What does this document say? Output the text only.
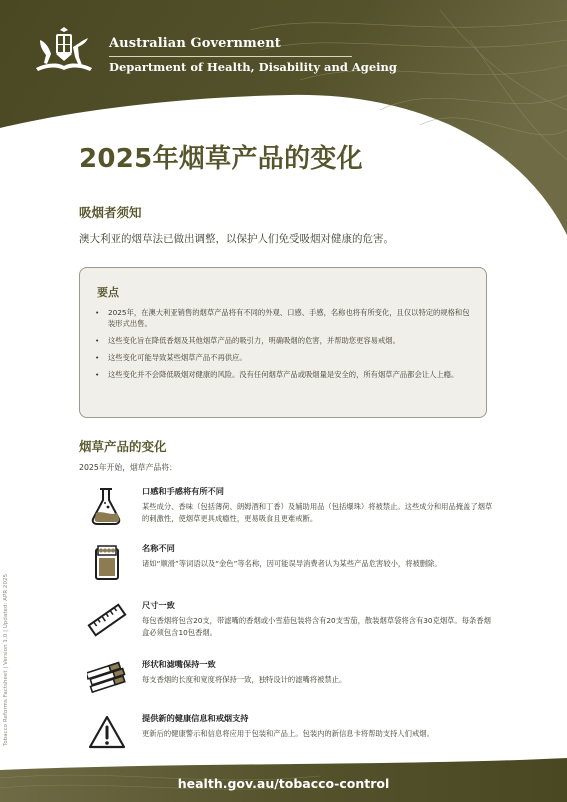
Australian Government
Department of Health, Disability and Ageing
2025年烟草产品的变化
吸烟者须知

澳大利亚的烟草法已做出调整，以保护人们免受吸烟对健康的危害。

要点
• 2025年，在澳大利亚销售的烟草产品将有不同的外观、口感、手感，名称也将有所变化，且仅以特定的规格和包装形式出售。
• 这些变化旨在降低香烟及其他烟草产品的吸引力，明确吸烟的危害，并帮助您更容易戒烟。
• 这些变化可能导致某些烟草产品不再供应。
• 这些变化并不会降低吸烟对健康的风险。没有任何烟草产品或吸烟量是安全的，所有烟草产品都会让人上瘾。
烟草产品的变化

2025年开始，烟草产品将：

口感和手感将有所不同

某些成分、香味（包括薄荷、朗姆酒和丁香）及辅助用品（包括爆珠）将被禁止。这些成分和用品掩盖了烟草的刺激性，使烟草更具成瘾性，更易吸食且更难戒断。

名称不同

诸如“顺滑”等词语以及“金色”等名称，因可能误导消费者认为某些产品危害较小，将被删除。

尺寸一致

每包香烟将包含20支，带滤嘴的香烟或小雪茄包装将含有20支雪茄，散装烟草袋将含有30克烟草。每条香烟盒必须包含10包香烟。

形状和滤嘴保持一致

每支香烟的长度和宽度将保持一致，独特设计的滤嘴将被禁止。

提供新的健康信息和戒烟支持

更新后的健康警示和信息将应用于包装和产品上。包装内的新信息卡将帮助支持人们戒烟。

Tobacco Reforms Factsheet | Version 1.0 | Updated: APR 2025

health.gov.au/tobacco-control
